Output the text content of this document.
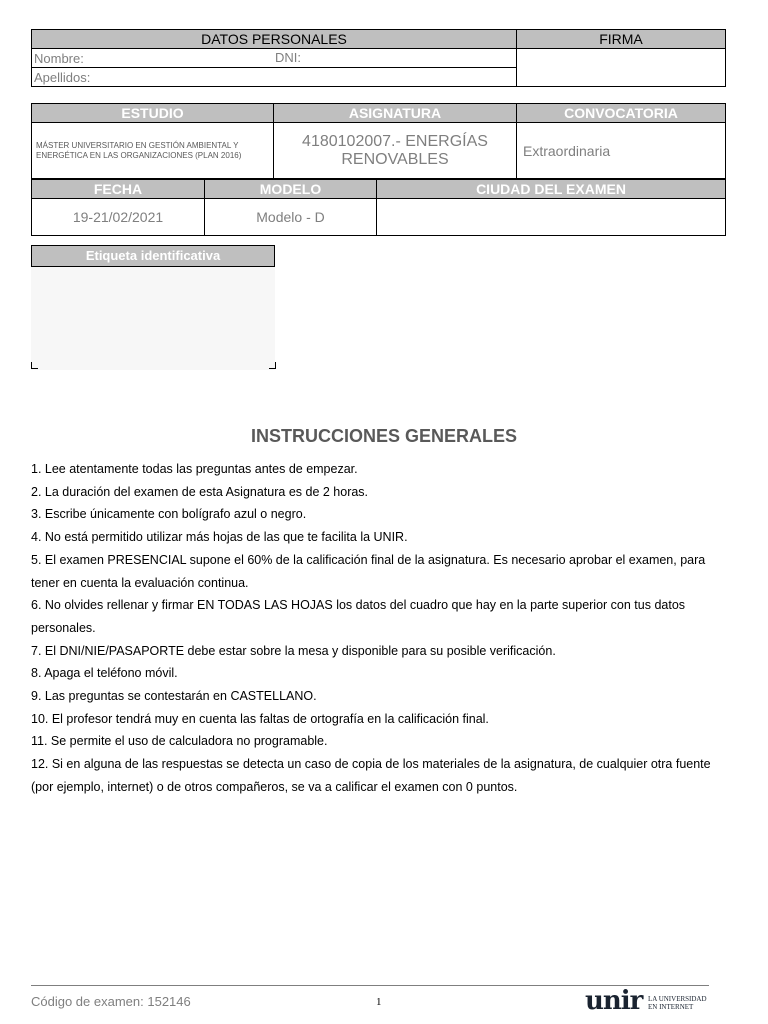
DATOS PERSONALES	FIRMA
Nombre: DNI:	

Apellidos:	
ESTUDIO	ASIGNATURA	CONVOCATORIA
MÁSTER UNIVERSITARIO EN GESTIÓN AMBIENTAL Y ENERGÉTICA EN LAS ORGANIZACIONES (PLAN 2016)	4180102007.- ENERGÍAS RENOVABLES	Extraordinaria
FECHA	MODELO	CIUDAD DEL EXAMEN
19-21/02/2021	Modelo - D	
Etiqueta identificativa
INSTRUCCIONES GENERALES
1. Lee atentamente todas las preguntas antes de empezar.
2. La duración del examen de esta Asignatura es de 2 horas.
3. Escribe únicamente con bolígrafo azul o negro.
4. No está permitido utilizar más hojas de las que te facilita la UNIR.
5. El examen PRESENCIAL supone el 60% de la calificación final de la asignatura. Es necesario aprobar el examen, para tener en cuenta la evaluación continua.
6. No olvides rellenar y firmar EN TODAS LAS HOJAS los datos del cuadro que hay en la parte superior con tus datos personales.
7. El DNI/NIE/PASAPORTE debe estar sobre la mesa y disponible para su posible verificación.
8. Apaga el teléfono móvil.
9. Las preguntas se contestarán en CASTELLANO.
10. El profesor tendrá muy en cuenta las faltas de ortografía en la calificación final.
11. Se permite el uso de calculadora no programable.
12. Si en alguna de las respuestas se detecta un caso de copia de los materiales de la asignatura, de cualquier otra fuente (por ejemplo, internet) o de otros compañeros, se va a calificar el examen con 0 puntos.
Código de examen: 152146	1	unir LA UNIVERSIDAD
EN INTERNET
